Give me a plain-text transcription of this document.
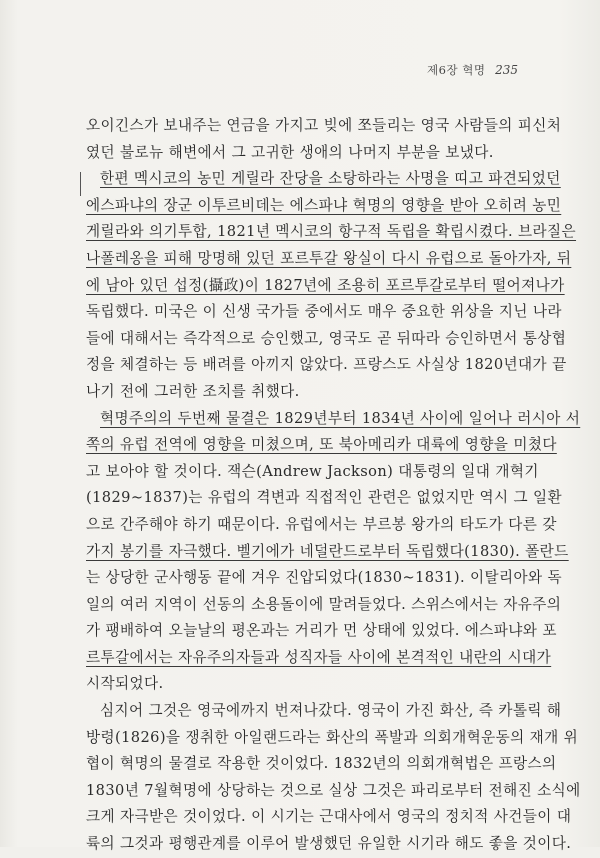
제6장 혁명 235
오이긴스가 보내주는 연금을 가지고 빚에 쪼들리는 영국 사람들의 피신처
였던 불로뉴 해변에서 그 고귀한 생애의 나머지 부분을 보냈다.
한편 멕시코의 농민 게릴라 잔당을 소탕하라는 사명을 띠고 파견되었던
에스파냐의 장군 이투르비데는 에스파냐 혁명의 영향을 받아 오히려 농민
게릴라와 의기투합, 1821년 멕시코의 항구적 독립을 확립시켰다. 브라질은
나폴레옹을 피해 망명해 있던 포르투갈 왕실이 다시 유럽으로 돌아가자, 뒤
에 남아 있던 섭정(攝政)이 1827년에 조용히 포르투갈로부터 떨어져나가
독립했다. 미국은 이 신생 국가들 중에서도 매우 중요한 위상을 지닌 나라
들에 대해서는 즉각적으로 승인했고, 영국도 곧 뒤따라 승인하면서 통상협
정을 체결하는 등 배려를 아끼지 않았다. 프랑스도 사실상 1820년대가 끝
나기 전에 그러한 조치를 취했다.
혁명주의의 두번째 물결은 1829년부터 1834년 사이에 일어나 러시아 서
쪽의 유럽 전역에 영향을 미쳤으며, 또 북아메리카 대륙에 영향을 미쳤다
고 보아야 할 것이다. 잭슨(Andrew Jackson) 대통령의 일대 개혁기
(1829∼1837)는 유럽의 격변과 직접적인 관련은 없었지만 역시 그 일환
으로 간주해야 하기 때문이다. 유럽에서는 부르봉 왕가의 타도가 다른 갖
가지 봉기를 자극했다. 벨기에가 네덜란드로부터 독립했다(1830). 폴란드
는 상당한 군사행동 끝에 겨우 진압되었다(1830∼1831). 이탈리아와 독
일의 여러 지역이 선동의 소용돌이에 말려들었다. 스위스에서는 자유주의
가 팽배하여 오늘날의 평온과는 거리가 먼 상태에 있었다. 에스파냐와 포
르투갈에서는 자유주의자들과 성직자들 사이에 본격적인 내란의 시대가
시작되었다.
심지어 그것은 영국에까지 번져나갔다. 영국이 가진 화산, 즉 카톨릭 해
방령(1826)을 쟁취한 아일랜드라는 화산의 폭발과 의회개혁운동의 재개 위
협이 혁명의 물결로 작용한 것이었다. 1832년의 의회개혁법은 프랑스의
1830년 7월혁명에 상당하는 것으로 실상 그것은 파리로부터 전해진 소식에
크게 자극받은 것이었다. 이 시기는 근대사에서 영국의 정치적 사건들이 대
륙의 그것과 평행관계를 이루어 발생했던 유일한 시기라 해도 좋을 것이다.
